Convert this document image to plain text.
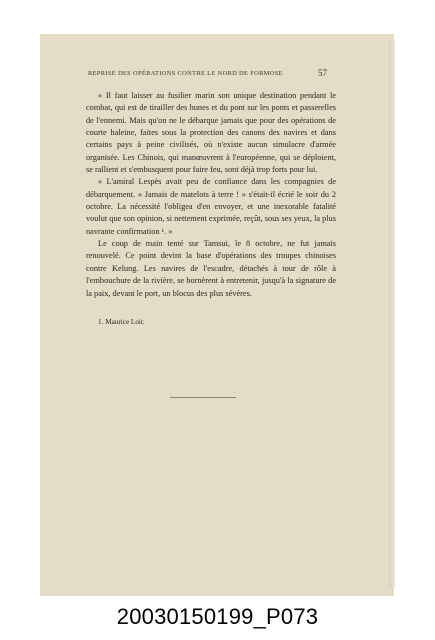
REPRISE DES OPÉRATIONS CONTRE LE NORD DE FORMOSE	57

« Il faut laisser au fusilier marin son unique destination pendant le combat, qui est de tirailler des hunes et du pont sur les ponts et passerelles de l'ennemi. Mais qu'on ne le débarque jamais que pour des opérations de courte haleine, faites sous la protection des canons des navires et dans certains pays à peine civilisés, où n'existe aucun simulacre d'armée organisée. Les Chinois, qui manœuvrent à l'européenne, qui se déploient, se rallient et s'embusquent pour faire feu, sont déjà trop forts pour lui.

« L'amiral Lespès avait peu de confiance dans les compagnies de débarquement. « Jamais de matelots à terre ! » s'était-il écrié le soir du 2 octobre. La nécessité l'obligea d'en envoyer, et une inexorable fatalité voulut que son opinion, si nettement exprimée, reçût, sous ses yeux, la plus navrante confirmation ¹. »

Le coup de main tenté sur Tamsui, le 8 octobre, ne fut jamais renouvelé. Ce point devint la base d'opérations des troupes chinoises contre Kelung. Les navires de l'escadre, détachés à tour de rôle à l'embouchure de la rivière, se bornèrent à entretenir, jusqu'à la signature de la paix, devant le port, un blocus des plus sévères.

1. Maurice Loir.
20030150199_P073
